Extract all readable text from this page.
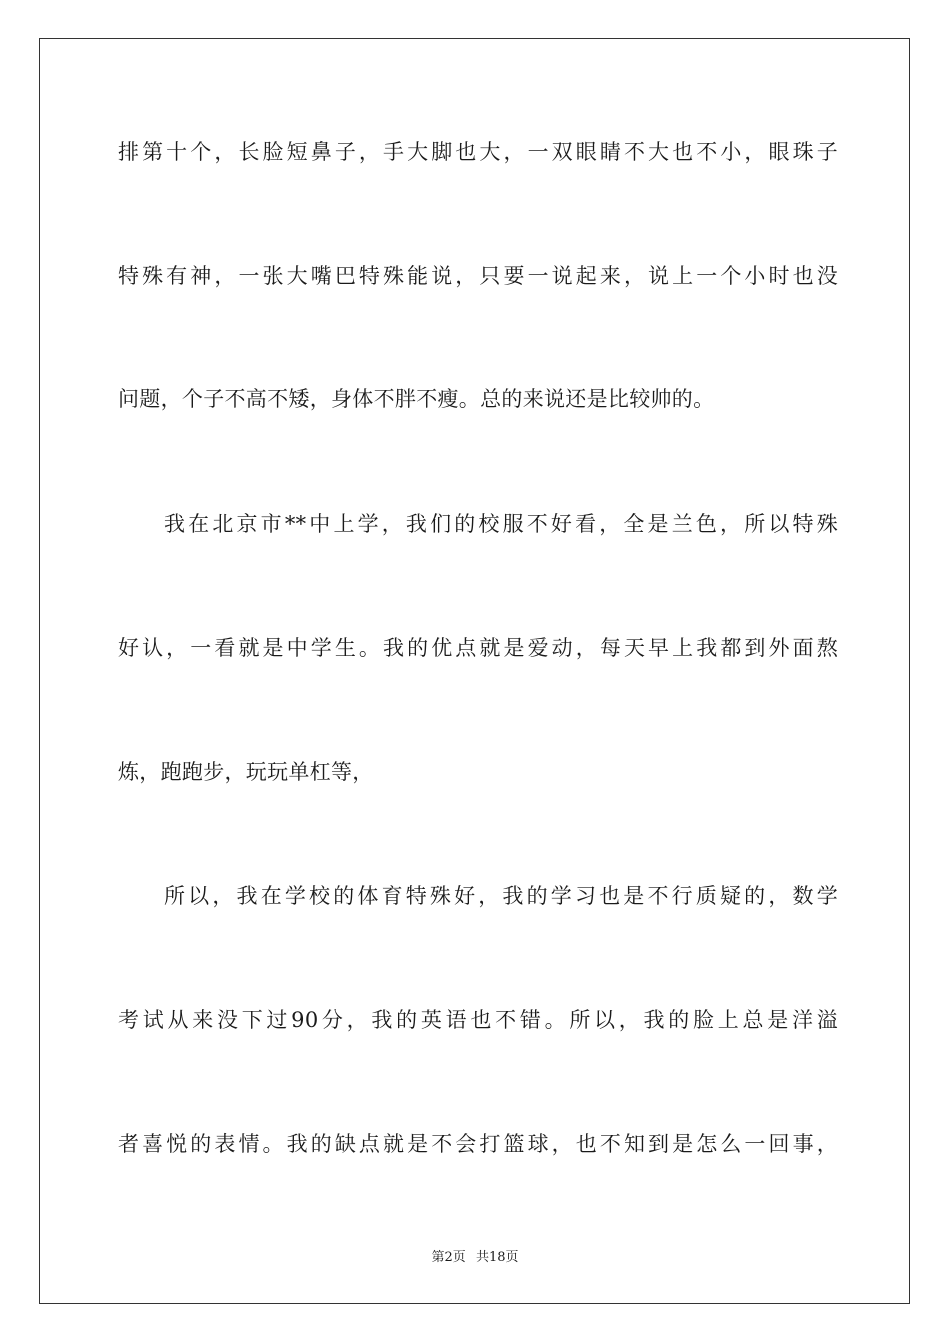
排第十个，长脸短鼻子，手大脚也大，一双眼睛不大也不小，眼珠子
特殊有神，一张大嘴巴特殊能说，只要一说起来，说上一个小时也没
问题，个子不高不矮，身体不胖不瘦。总的来说还是比较帅的。
我在北京市**中上学，我们的校服不好看，全是兰色，所以特殊
好认，一看就是中学生。我的优点就是爱动，每天早上我都到外面熬
炼，跑跑步，玩玩单杠等，
所以，我在学校的体育特殊好，我的学习也是不行质疑的，数学
考试从来没下过90分，我的英语也不错。所以，我的脸上总是洋溢
者喜悦的表情。我的缺点就是不会打篮球，也不知到是怎么一回事，
第2页 共18页
